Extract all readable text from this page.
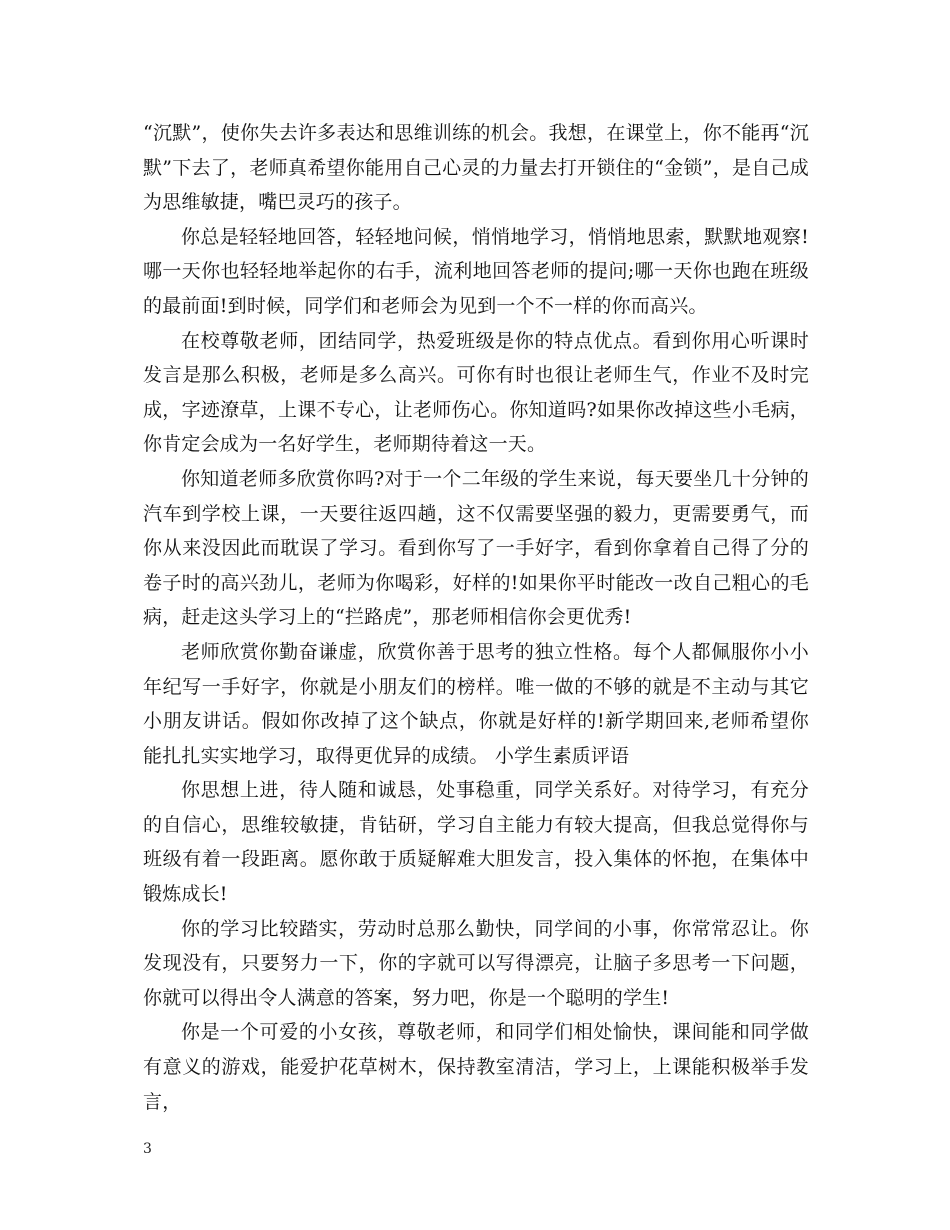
“沉默”，使你失去许多表达和思维训练的机会。我想，在课堂上，你不能再“沉默”下去了，老师真希望你能用自己心灵的力量去打开锁住的“金锁”，是自己成为思维敏捷，嘴巴灵巧的孩子。

你总是轻轻地回答，轻轻地问候，悄悄地学习，悄悄地思索，默默地观察!哪一天你也轻轻地举起你的右手，流利地回答老师的提问;哪一天你也跑在班级的最前面!到时候，同学们和老师会为见到一个不一样的你而高兴。

在校尊敬老师，团结同学，热爱班级是你的特点优点。看到你用心听课时发言是那么积极，老师是多么高兴。可你有时也很让老师生气，作业不及时完成，字迹潦草，上课不专心，让老师伤心。你知道吗?如果你改掉这些小毛病，你肯定会成为一名好学生，老师期待着这一天。

你知道老师多欣赏你吗?对于一个二年级的学生来说，每天要坐几十分钟的汽车到学校上课，一天要往返四趟，这不仅需要坚强的毅力，更需要勇气，而你从来没因此而耽误了学习。看到你写了一手好字，看到你拿着自己得了分的卷子时的高兴劲儿，老师为你喝彩，好样的!如果你平时能改一改自己粗心的毛病，赶走这头学习上的“拦路虎”，那老师相信你会更优秀!

老师欣赏你勤奋谦虚，欣赏你善于思考的独立性格。每个人都佩服你小小年纪写一手好字，你就是小朋友们的榜样。唯一做的不够的就是不主动与其它小朋友讲话。假如你改掉了这个缺点，你就是好样的!新学期回来,老师希望你能扎扎实实地学习，取得更优异的成绩。 小学生素质评语

你思想上进，待人随和诚恳，处事稳重，同学关系好。对待学习，有充分的自信心，思维较敏捷，肯钻研，学习自主能力有较大提高，但我总觉得你与班级有着一段距离。愿你敢于质疑解难大胆发言，投入集体的怀抱，在集体中锻炼成长!

你的学习比较踏实，劳动时总那么勤快，同学间的小事，你常常忍让。你发现没有，只要努力一下，你的字就可以写得漂亮，让脑子多思考一下问题，你就可以得出令人满意的答案，努力吧，你是一个聪明的学生!

你是一个可爱的小女孩，尊敬老师，和同学们相处愉快，课间能和同学做有意义的游戏，能爱护花草树木，保持教室清洁，学习上，上课能积极举手发言，

3
